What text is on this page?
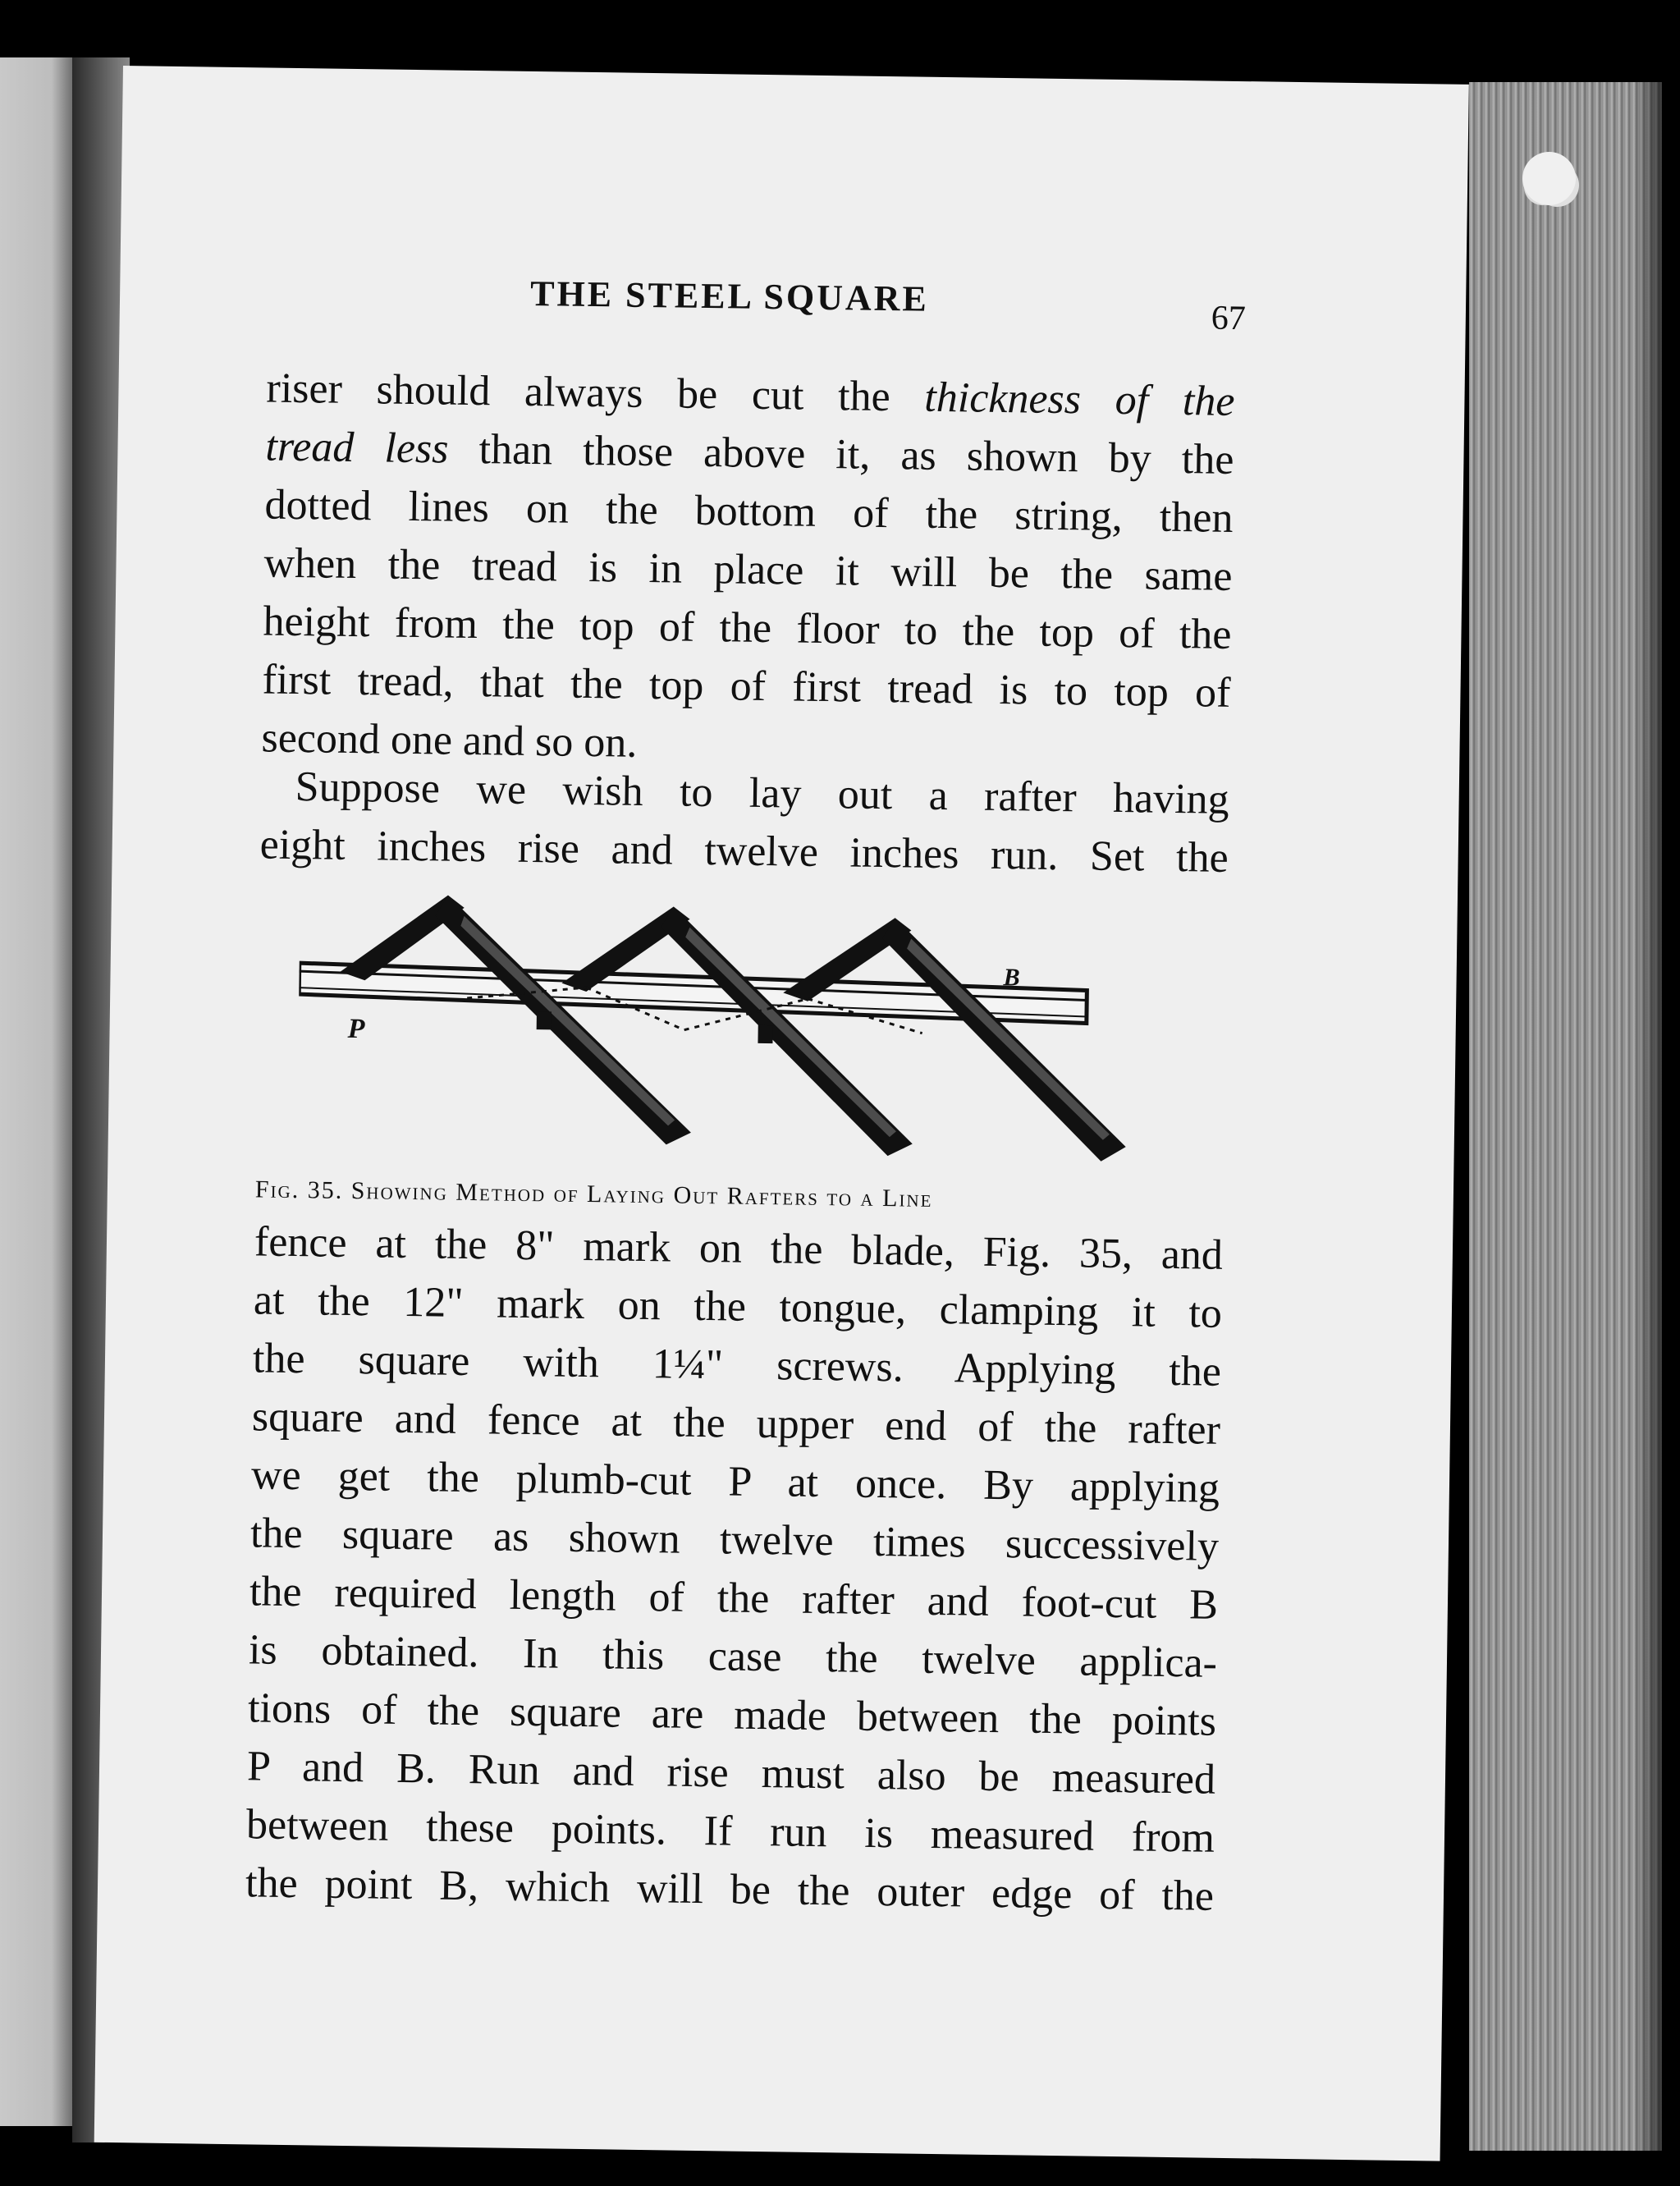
THE STEEL SQUARE	67
riser should always be cut the thickness of the
tread less than those above it, as shown by the
dotted lines on the bottom of the string, then
when the tread is in place it will be the same
height from the top of the floor to the top of the
first tread, that the top of first tread is to top of
second one and so on.
Suppose we wish to lay out a rafter having
eight inches rise and twelve inches run. Set the
P
B
Fig. 35. Showing Method of Laying Out Rafters to a Line
fence at the 8" mark on the blade, Fig. 35, and
at the 12" mark on the tongue, clamping it to
the square with 1¼" screws. Applying the
square and fence at the upper end of the rafter
we get the plumb-cut P at once. By applying
the square as shown twelve times successively
the required length of the rafter and foot-cut B
is obtained. In this case the twelve applica-
tions of the square are made between the points
P and B. Run and rise must also be measured
between these points. If run is measured from
the point B, which will be the outer edge of the
